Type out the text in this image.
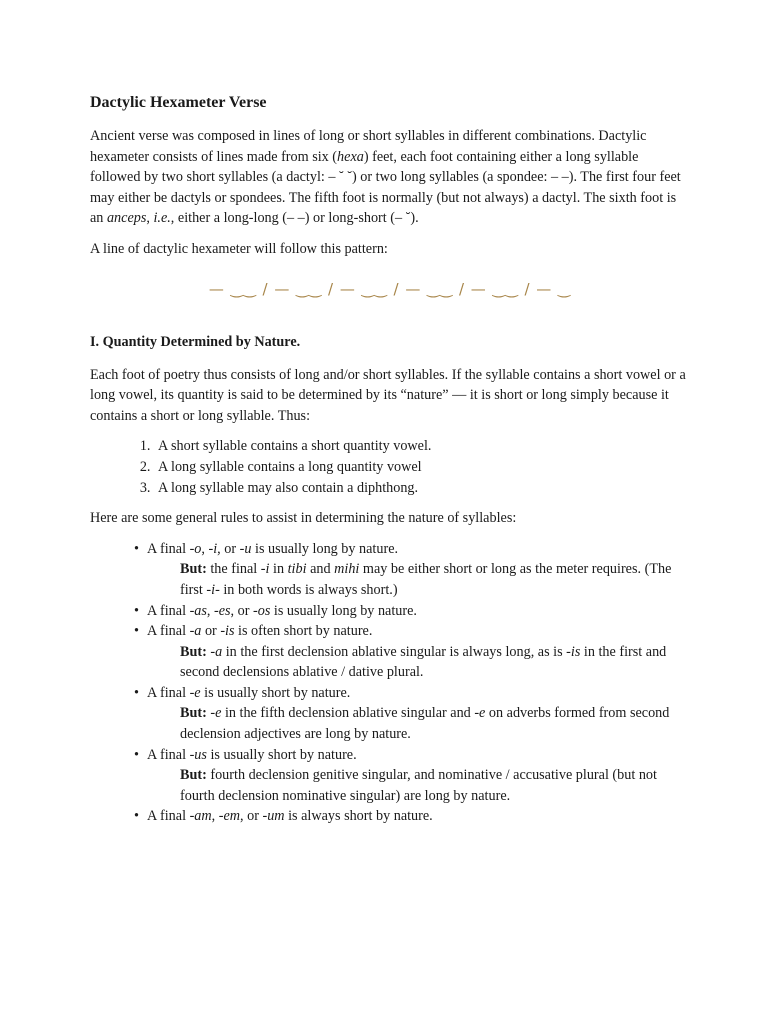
Dactylic Hexameter Verse

Ancient verse was composed in lines of long or short syllables in different combinations. Dactylic hexameter consists of lines made from six (hexa) feet, each foot containing either a long syllable followed by two short syllables (a dactyl: – ˘ ˘) or two long syllables (a spondee: – –). The first four feet may either be dactyls or spondees. The fifth foot is normally (but not always) a dactyl. The sixth foot is an anceps, i.e., either a long-long (– –) or long-short (– ˘).

A line of dactylic hexameter will follow this pattern:

— ‿‿ / — ‿‿ / — ‿‿ / — ‿‿ / — ‿‿ / — ‿
I. Quantity Determined by Nature.

Each foot of poetry thus consists of long and/or short syllables. If the syllable contains a short vowel or a long vowel, its quantity is said to be determined by its “nature” — it is short or long simply because it contains a short or long syllable. Thus:

1. A short syllable contains a short quantity vowel.
2. A long syllable contains a long quantity vowel
3. A long syllable may also contain a diphthong.

Here are some general rules to assist in determining the nature of syllables:

• A final -o, -i, or -u is usually long by nature.
But: the final -i in tibi and mihi may be either short or long as the meter requires. (The first -i- in both words is always short.)
• A final -as, -es, or -os is usually long by nature.
• A final -a or -is is often short by nature.
But: -a in the first declension ablative singular is always long, as is -is in the first and second declensions ablative / dative plural.
• A final -e is usually short by nature.
But: -e in the fifth declension ablative singular and -e on adverbs formed from second declension adjectives are long by nature.
• A final -us is usually short by nature.
But: fourth declension genitive singular, and nominative / accusative plural (but not fourth declension nominative singular) are long by nature.
• A final -am, -em, or -um is always short by nature.
